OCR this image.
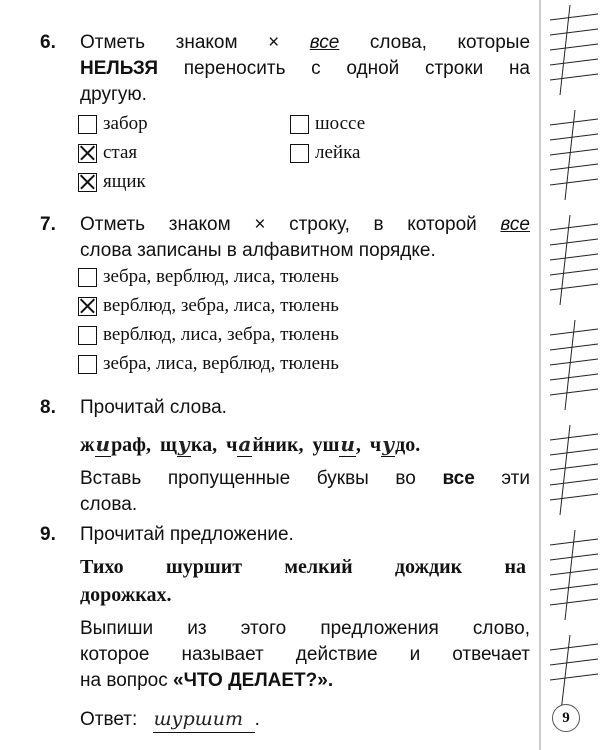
6. Отметь знаком × все слова, которые
НЕЛЬЗЯ переносить с одной строки на
другую.
забор	шоссе
стая	лейка
ящик
7. Отметь знаком × строку, в которой все
слова записаны в алфавитном порядке.
зебра, верблюд, лиса, тюлень
верблюд, зебра, лиса, тюлень
верблюд, лиса, зебра, тюлень
зебра, лиса, верблюд, тюлень
8. Прочитай слова.
жираф, щука, чайник, уши, чудо.
Вставь пропущенные буквы во все эти
слова.
9. Прочитай предложение.
Тихо шуршит мелкий дождик на
дорожках.
Выпиши из этого предложения слово,
которое называет действие и отвечает
на вопрос «ЧТО ДЕЛАЕТ?».
Ответ: шуршит .	9
